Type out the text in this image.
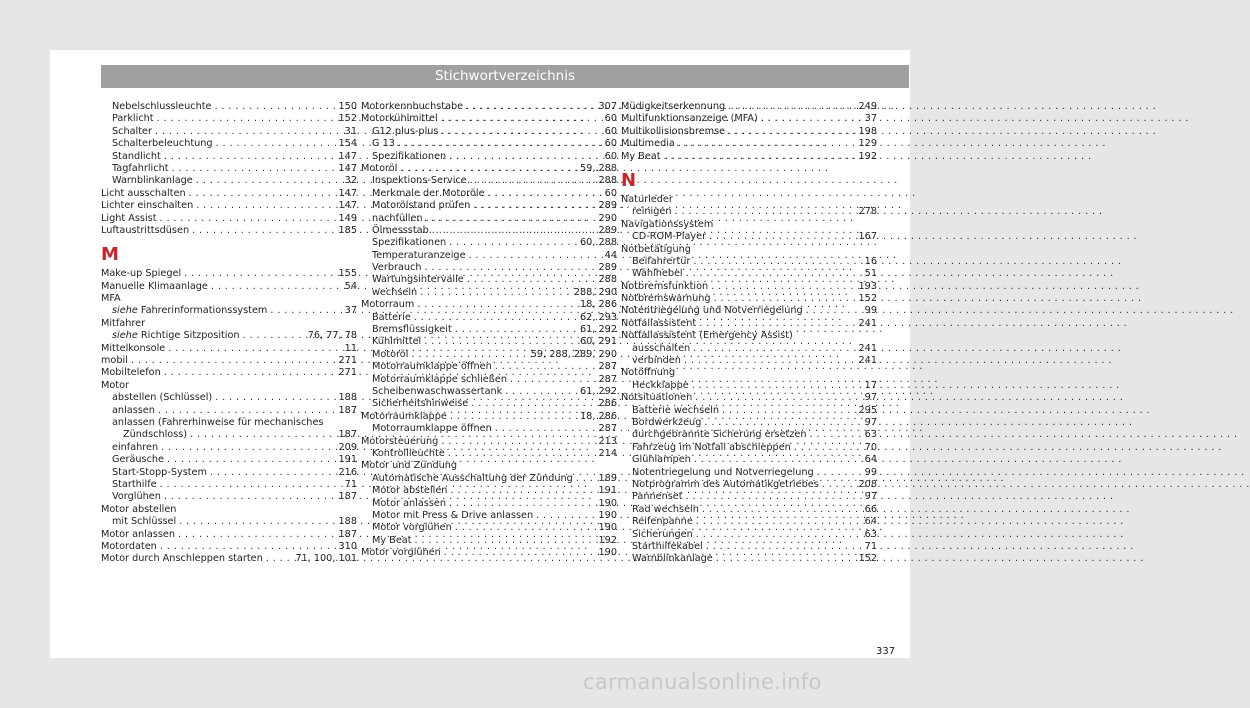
Stichwortverzeichnis
Nebelschlussleuchte . . .	150
Parklicht . . .	152
Schalter . . .	31
Schalterbeleuchtung . . .	154
Standlicht . . .	147
Tagfahrlicht . . .	147
Warnblinkanlage . . .	32
Licht ausschalten . . .	147
Lichter einschalten . . .	147
Light Assist . . .	149
Luftaustrittsdüsen . . .	185
M
Make-up Spiegel . . .	155
Manuelle Klimaanlage . . .	54
MFA
siehe Fahrerinformationssystem . . .	37
Mitfahrer
siehe Richtige Sitzposition . . .	76, 77, 78
Mittelkonsole . . .	11
mobil . . .	271
Mobiltelefon . . .	271
Motor
abstellen (Schlüssel) . . .	188
anlassen . . .	187
anlassen (Fahrerhinweise für mechanisches
Zündschloss) . . .	187
einfahren . . .	209
Geräusche . . .	191
Start-Stopp-System . . .	216
Starthilfe . . .	71
Vorglühen . . .	187
Motor abstellen
mit Schlüssel . . .	188
Motor anlassen . . .	187
Motordaten . . .	310
Motor durch Anschleppen starten . . .	71, 100, 101
Motorkennbuchstabe . . .	307
Motorkühlmittel . . .	60
G12 plus-plus . . .	60
G 13 . . .	60
Spezifikationen . . .	60
Motoröl . . .	59, 288
Inspektions-Service . . .	288
Merkmale der Motoröle . . .	60
Motorölstand prüfen . . .	289
nachfüllen . . .	290
Ölmessstab . . .	289
Spezifikationen . . .	60, 288
Temperaturanzeige . . .	44
Verbrauch . . .	289
Wartungsintervalle . . .	288
wechseln . . .	288, 290
Motorraum . . .	18, 286
Batterie . . .	62, 293
Bremsflüssigkeit . . .	61, 292
Kühlmittel . . .	60, 291
Motoröl . . .	59, 288, 289, 290
Motorraumklappe öffnen . . .	287
Motorraumklappe schließen . . .	287
Scheibenwaschwassertank . . .	61, 292
Sicherheitshinweise . . .	286
Motorraumklappe . . .	18, 286
Motorraumklappe öffnen . . .	287
Motorsteuerung . . .	213
Kontrollleuchte . . .	214
Motor und Zündung
Automatische Ausschaltung der Zündung . . .	189
Motor abstellen . . .	191
Motor anlassen . . .	190
Motor mit Press & Drive anlassen . . .	190
Motor vorglühen . . .	190
My Beat . . .	192
Motor vorglühen . . .	190
Müdigkeitserkennung . . .	249
Multifunktionsanzeige (MFA) . . .	37
Multikollisionsbremse . . .	198
Multimedia . . .	129
My Beat . . .	192
N
Naturleder
reinigen . . .	278
Navigationssystem
CD-ROM-Player . . .	167
Notbetätigung
Beifahrertür . . .	16
Wählhebel . . .	51
Notbremsfunktion . . .	193
Notbremswarnung . . .	152
Notentriegelung und Notverriegelung . . .	99
Notfallassistent . . .	241
Notfallassistent (Emergency Assist)
ausschalten . . .	241
verbinden . . .	241
Notöffnung
Heckklappe . . .	17
Notsituationen . . .	97
Batterie wechseln . . .	295
Bordwerkzeug . . .	97
durchgebrannte Sicherung ersetzen . . .	63
Fahrzeug im Notfall abschleppen . . .	70
Glühlampen . . .	64
Notentriegelung und Notverriegelung . . .	99
Notprogramm des Automatikgetriebes . . .	208
Pannenset . . .	97
Rad wechseln . . .	66
Reifenpanne . . .	64
Sicherungen . . .	63
Starthilfekabel . . .	71
Warnblinkanlage . . .	152
337
carmanualsonline.info
